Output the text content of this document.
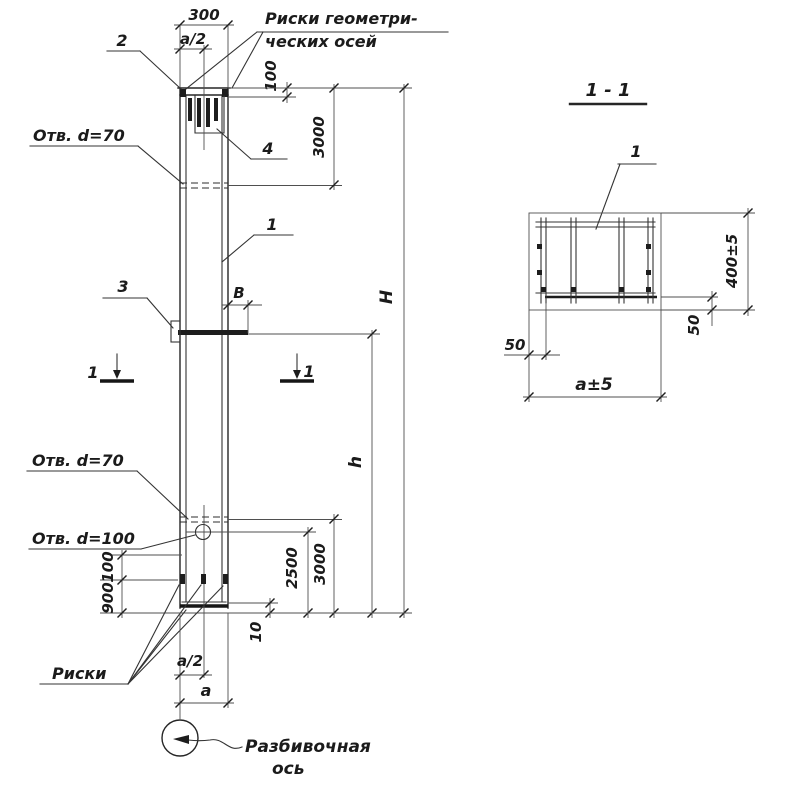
1	1
300
a/2
Риски геометри-
ческих осей
2
4
1
3
Отв. d=70
Отв. d=70
Отв. d=100
В
100
3000
H
h
3000
2500
10
100
900
Риски
a/2
a
Разбивочная
ось
1 - 1
1
400±5
50
50
a±5
